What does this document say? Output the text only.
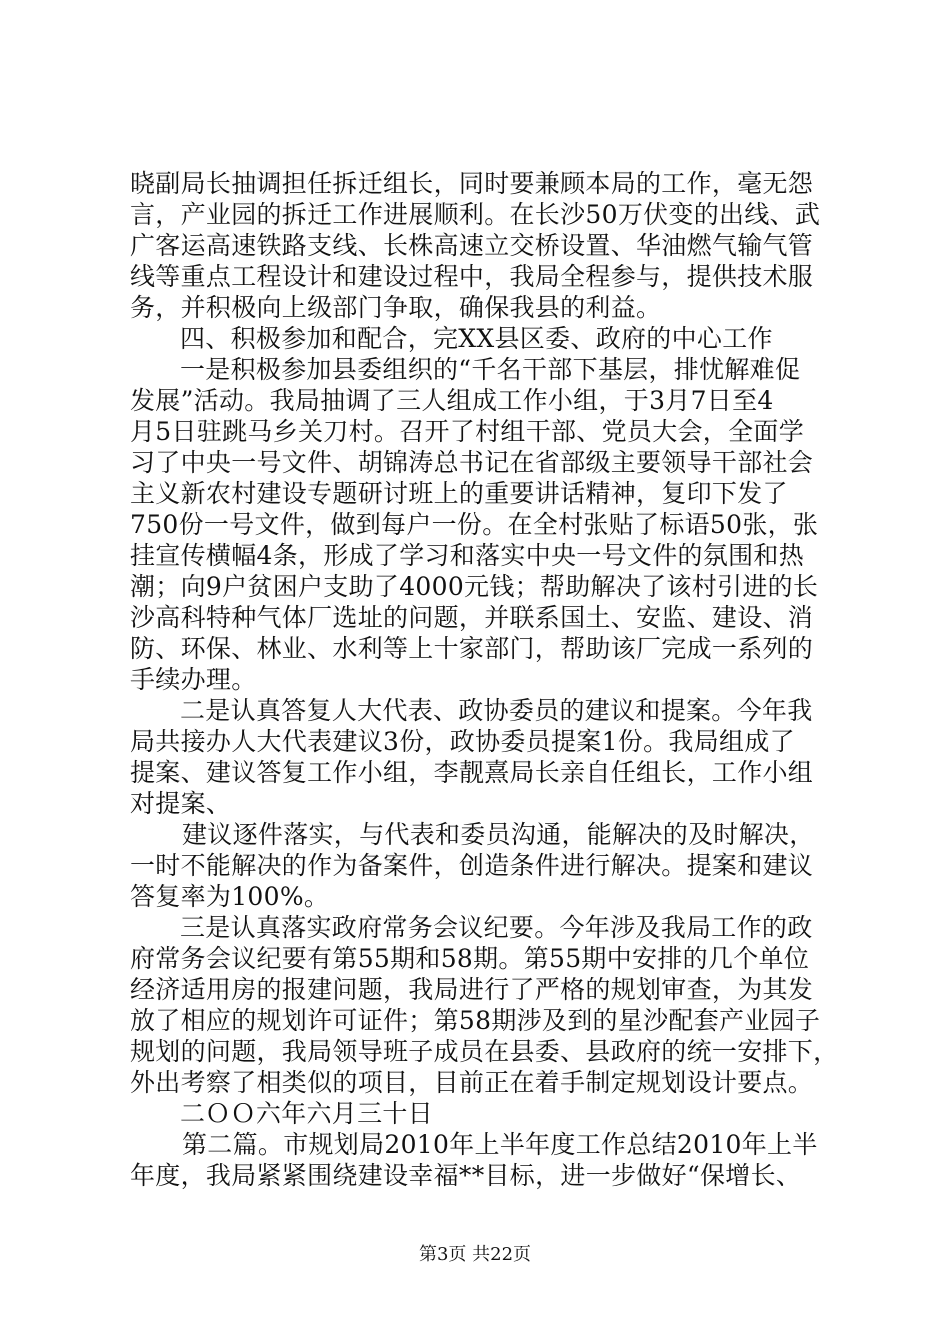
晓副局长抽调担任拆迁组长，同时要兼顾本局的工作，毫无怨
言，产业园的拆迁工作进展顺利。在长沙50万伏变的出线、武
广客运高速铁路支线、长株高速立交桥设置、华油燃气输气管
线等重点工程设计和建设过程中，我局全程参与，提供技术服
务，并积极向上级部门争取，确保我县的利益。
四、积极参加和配合，完XX县区委、政府的中心工作
一是积极参加县委组织的“千名干部下基层，排忧解难促
发展”活动。我局抽调了三人组成工作小组，于3月7日至4
月5日驻跳马乡关刀村。召开了村组干部、党员大会，全面学
习了中央一号文件、胡锦涛总书记在省部级主要领导干部社会
主义新农村建设专题研讨班上的重要讲话精神，复印下发了
750份一号文件，做到每户一份。在全村张贴了标语50张，张
挂宣传横幅4条，形成了学习和落实中央一号文件的氛围和热
潮；向9户贫困户支助了4000元钱；帮助解决了该村引进的长
沙高科特种气体厂选址的问题，并联系国土、安监、建设、消
防、环保、林业、水利等上十家部门，帮助该厂完成一系列的
手续办理。
二是认真答复人大代表、政协委员的建议和提案。今年我
局共接办人大代表建议3份，政协委员提案1份。我局组成了
提案、建议答复工作小组，李靓熹局长亲自任组长，工作小组
对提案、
建议逐件落实，与代表和委员沟通，能解决的及时解决，
一时不能解决的作为备案件，创造条件进行解决。提案和建议
答复率为100%。
三是认真落实政府常务会议纪要。今年涉及我局工作的政
府常务会议纪要有第55期和58期。第55期中安排的几个单位
经济适用房的报建问题，我局进行了严格的规划审查，为其发
放了相应的规划许可证件；第58期涉及到的星沙配套产业园子
规划的问题，我局领导班子成员在县委、县政府的统一安排下，
外出考察了相类似的项目，目前正在着手制定规划设计要点。
二ＯＯ六年六月三十日
第二篇。市规划局2010年上半年度工作总结2010年上半
年度，我局紧紧围绕建设幸福**目标，进一步做好“保增长、
第3页 共22页
